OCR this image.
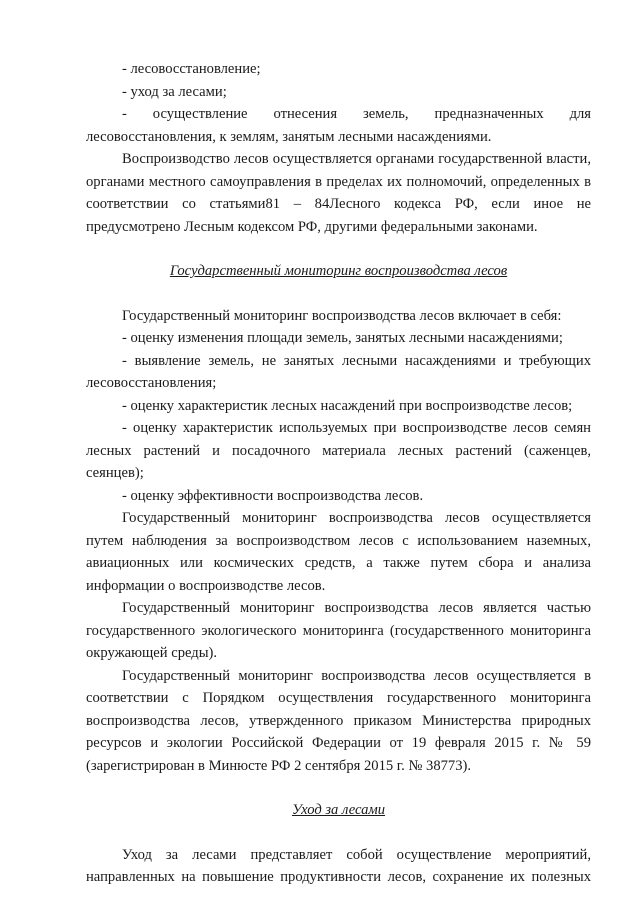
- лесовосстановление;

- уход за лесами;

- осуществление отнесения земель, предназначенных для лесовосстановления, к землям, занятым лесными насаждениями.

Воспроизводство лесов осуществляется органами государственной власти, органами местного самоуправления в пределах их полномочий, определенных в соответствии со статьями81 – 84Лесного кодекса РФ, если иное не предусмотрено Лесным кодексом РФ, другими федеральными законами.

Государственный мониторинг воспроизводства лесов

Государственный мониторинг воспроизводства лесов включает в себя:

- оценку изменения площади земель, занятых лесными насаждениями;

- выявление земель, не занятых лесными насаждениями и требующих лесовосстановления;

- оценку характеристик лесных насаждений при воспроизводстве лесов;

- оценку характеристик используемых при воспроизводстве лесов семян лесных растений и посадочного материала лесных растений (саженцев, сеянцев);

- оценку эффективности воспроизводства лесов.

Государственный мониторинг воспроизводства лесов осуществляется путем наблюдения за воспроизводством лесов с использованием наземных, авиационных или космических средств, а также путем сбора и анализа информации о воспроизводстве лесов.

Государственный мониторинг воспроизводства лесов является частью государственного экологического мониторинга (государственного мониторинга окружающей среды).

Государственный мониторинг воспроизводства лесов осуществляется в соответствии с Порядком осуществления государственного мониторинга воспроизводства лесов, утвержденного приказом Министерства природных ресурсов и экологии Российской Федерации от 19 февраля 2015 г. № 59 (зарегистрирован в Минюсте РФ 2 сентября 2015 г. № 38773).

Уход за лесами

Уход за лесами представляет собой осуществление мероприятий, направленных на повышение продуктивности лесов, сохранение их полезных
